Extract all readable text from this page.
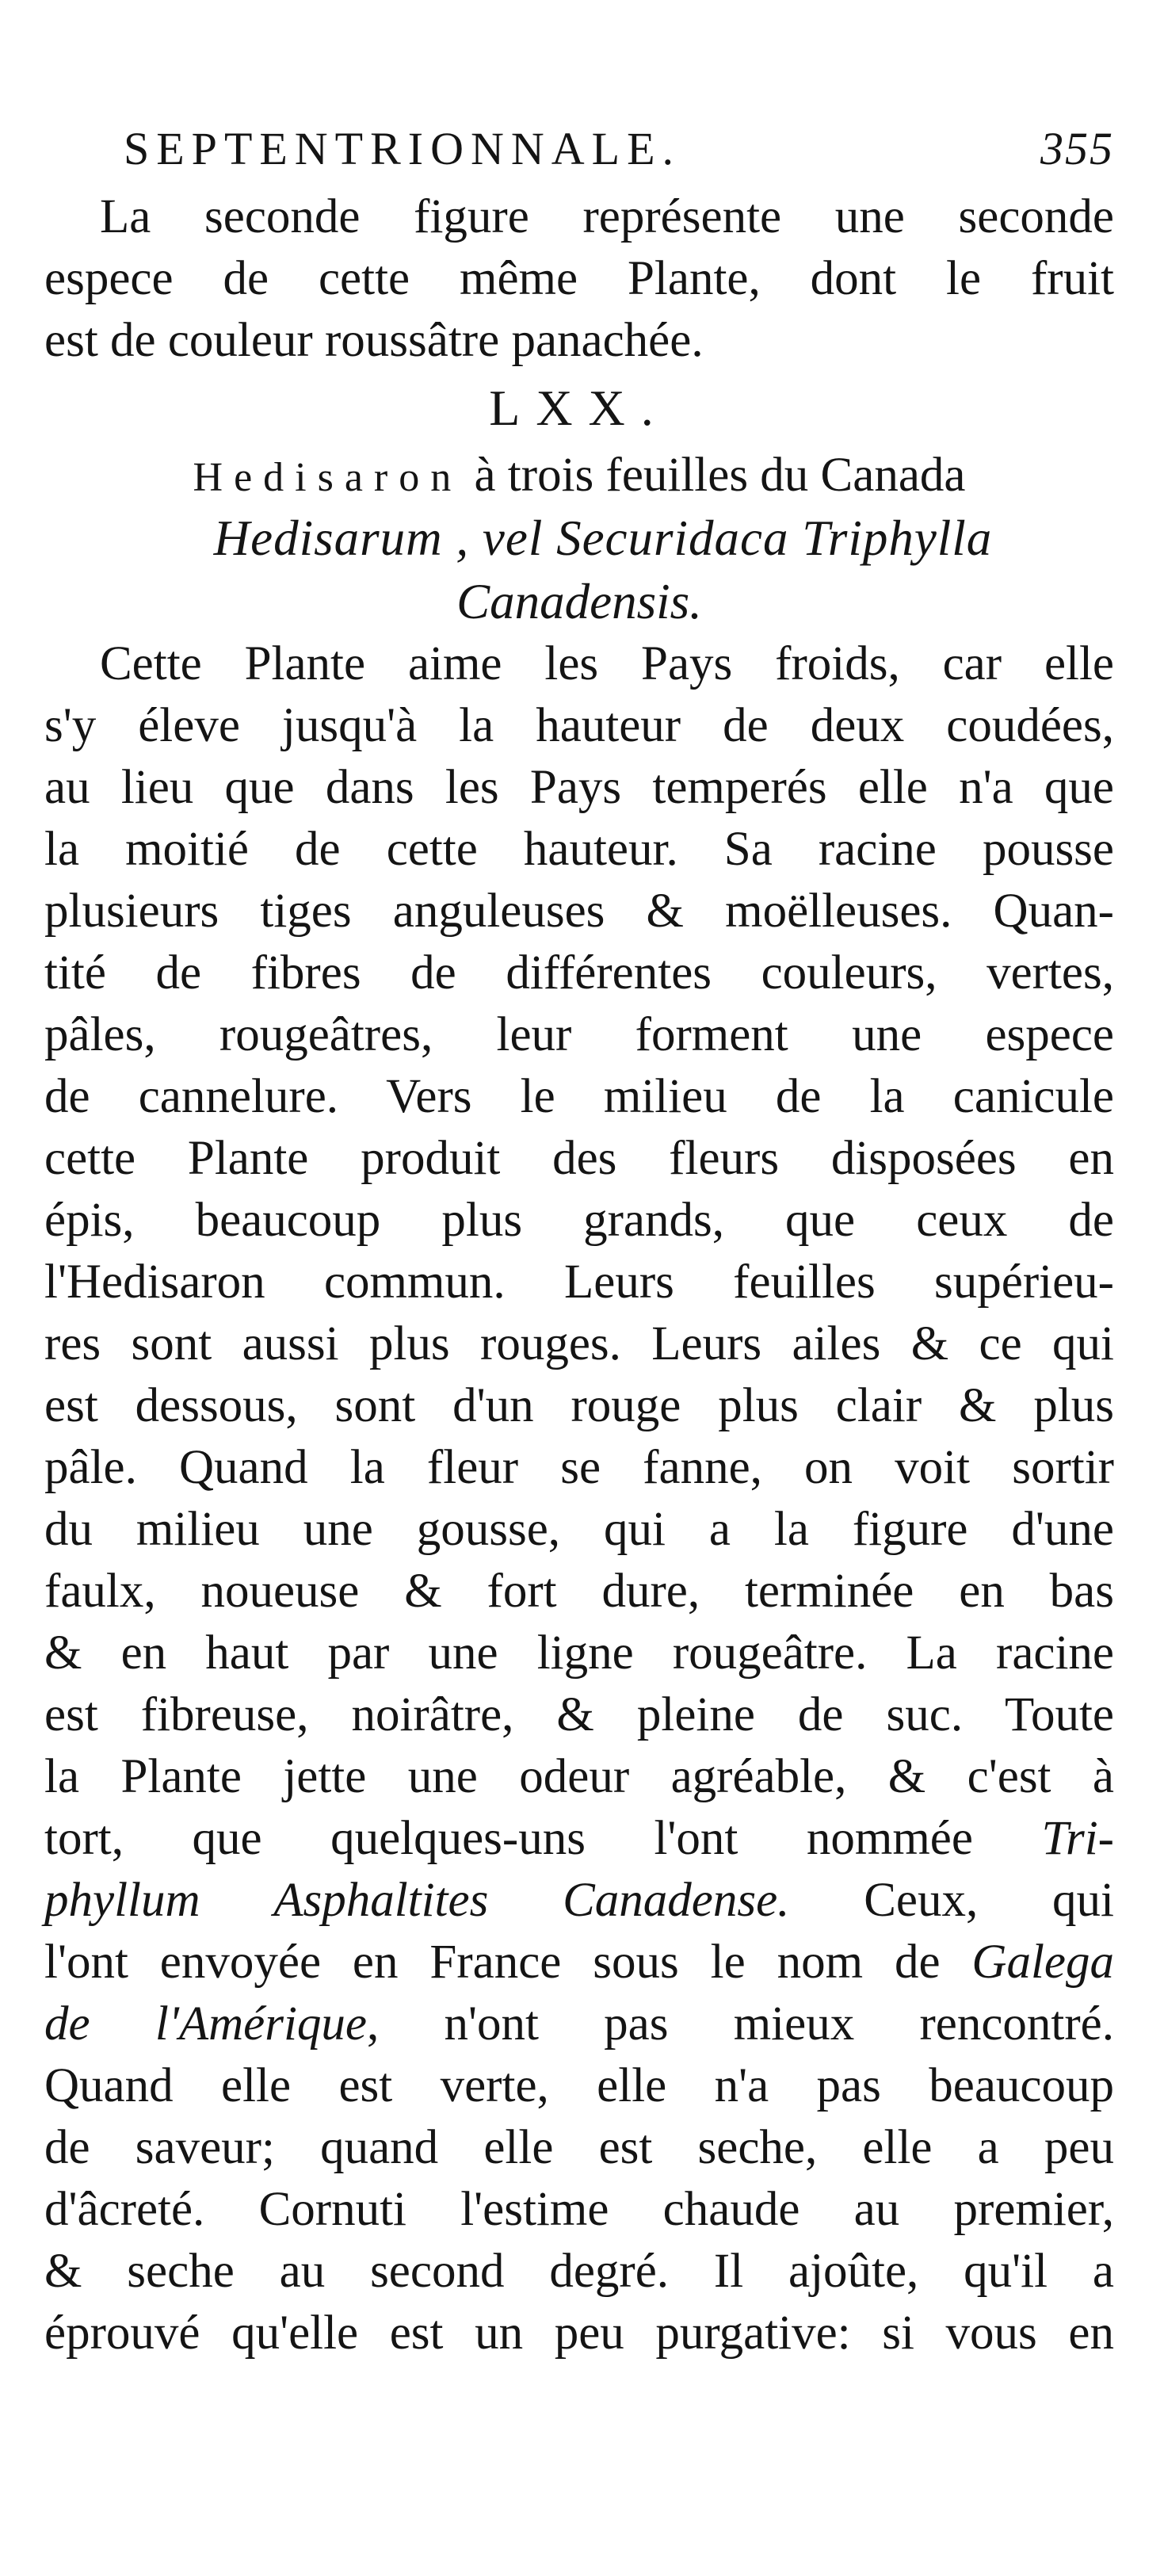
SEPTENTRIONNALE.	355
La seconde figure représente une seconde
espece de cette même Plante, dont le fruit
est de couleur roussâtre panachée.
LXX.
Hedisaron à trois feuilles du Canada
Hedisarum , vel Securidaca Triphylla
Canadensis.
Cette Plante aime les Pays froids, car elle
s'y éleve jusqu'à la hauteur de deux coudées,
au lieu que dans les Pays temperés elle n'a que
la moitié de cette hauteur. Sa racine pousse
plusieurs tiges anguleuses & moëlleuses. Quan-
tité de fibres de différentes couleurs, vertes,
pâles, rougeâtres, leur forment une espece
de cannelure. Vers le milieu de la canicule
cette Plante produit des fleurs disposées en
épis, beaucoup plus grands, que ceux de
l'Hedisaron commun. Leurs feuilles supérieu-
res sont aussi plus rouges. Leurs ailes & ce qui
est dessous, sont d'un rouge plus clair & plus
pâle. Quand la fleur se fanne, on voit sortir
du milieu une gousse, qui a la figure d'une
faulx, noueuse & fort dure, terminée en bas
& en haut par une ligne rougeâtre. La racine
est fibreuse, noirâtre, & pleine de suc. Toute
la Plante jette une odeur agréable, & c'est à
tort, que quelques-uns l'ont nommée Tri-
phyllum Asphaltites Canadense. Ceux, qui
l'ont envoyée en France sous le nom de Galega
de l'Amérique, n'ont pas mieux rencontré.
Quand elle est verte, elle n'a pas beaucoup
de saveur; quand elle est seche, elle a peu
d'âcreté. Cornuti l'estime chaude au premier,
& seche au second degré. Il ajoûte, qu'il a
éprouvé qu'elle est un peu purgative: si vous en
